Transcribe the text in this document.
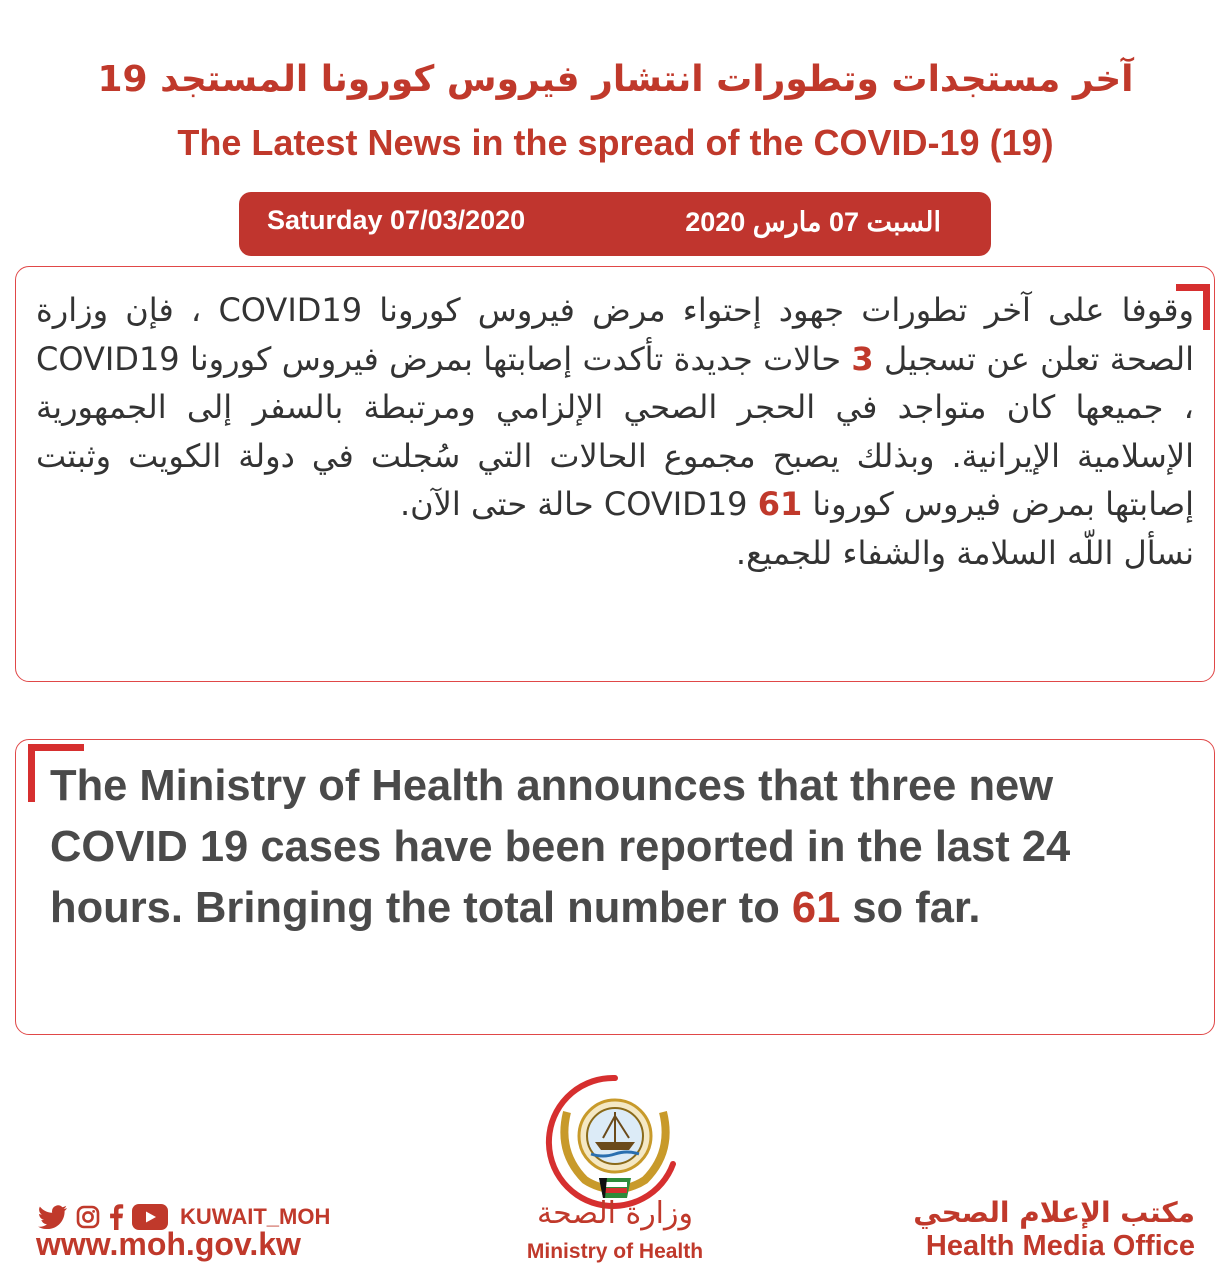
آخر مستجدات وتطورات انتشار فيروس كورونا المستجد 19
The Latest News in the spread of the COVID-19 (19)
Saturday 07/03/2020	السبت 07 مارس 2020
وقوفا على آخر تطورات جهود إحتواء مرض فيروس كورونا COVID19 ، فإن وزارة الصحة تعلن عن تسجيل 3 حالات جديدة تأكدت إصابتها بمرض فيروس كورونا COVID19 ، جميعها كان متواجد في الحجر الصحي الإلزامي ومرتبطة بالسفر إلى الجمهورية الإسلامية الإيرانية. وبذلك يصبح مجموع الحالات التي سُجلت في دولة الكويت وثبتت إصابتها بمرض فيروس كورونا COVID19 61 حالة حتى الآن.
نسأل اللّه السلامة والشفاء للجميع.
The Ministry of Health announces that three new COVID 19 cases have been reported in the last 24 hours. Bringing the total number to 61 so far.
KUWAIT_MOH
www.moh.gov.kw
وزارة الصحة
Ministry of Health
مكتب الإعلام الصحي
Health Media Office
